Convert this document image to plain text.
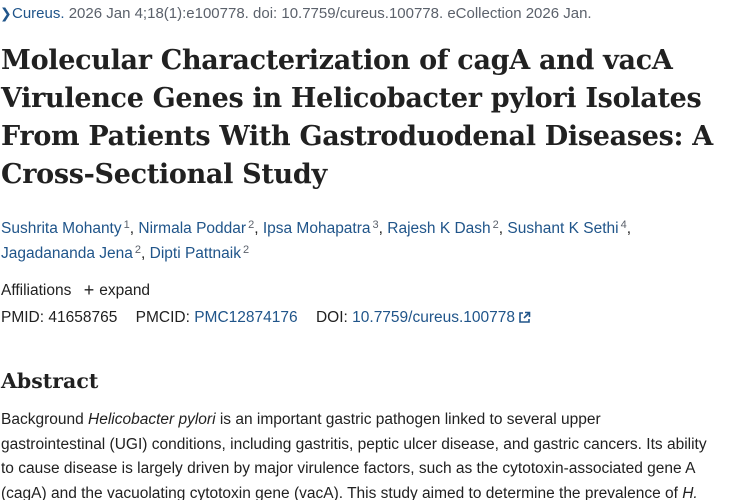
❯Cureus. 2026 Jan 4;18(1):e100778. doi: 10.7759/cureus.100778. eCollection 2026 Jan.
Molecular Characterization of cagA and vacA Virulence Genes in Helicobacter pylori Isolates From Patients With Gastroduodenal Diseases: A Cross-Sectional Study
Sushrita Mohanty $^1$, Nirmala Poddar $^2$, Ipsa Mohapatra $^3$, Rajesh K Dash $^2$, Sushant K Sethi $^4$,
Jagadananda Jena $^2$, Dipti Pattnaik $^2$
Affiliations + expand
PMID: 41658765 PMCID: PMC12874176 DOI: 10.7759/cureus.100778
Abstract
Background Helicobacter pylori is an important gastric pathogen linked to several upper
gastrointestinal (UGI) conditions, including gastritis, peptic ulcer disease, and gastric cancers. Its ability
to cause disease is largely driven by major virulence factors, such as the cytotoxin-associated gene A
(cagA) and the vacuolating cytotoxin gene (vacA). This study aimed to determine the prevalence of H.
